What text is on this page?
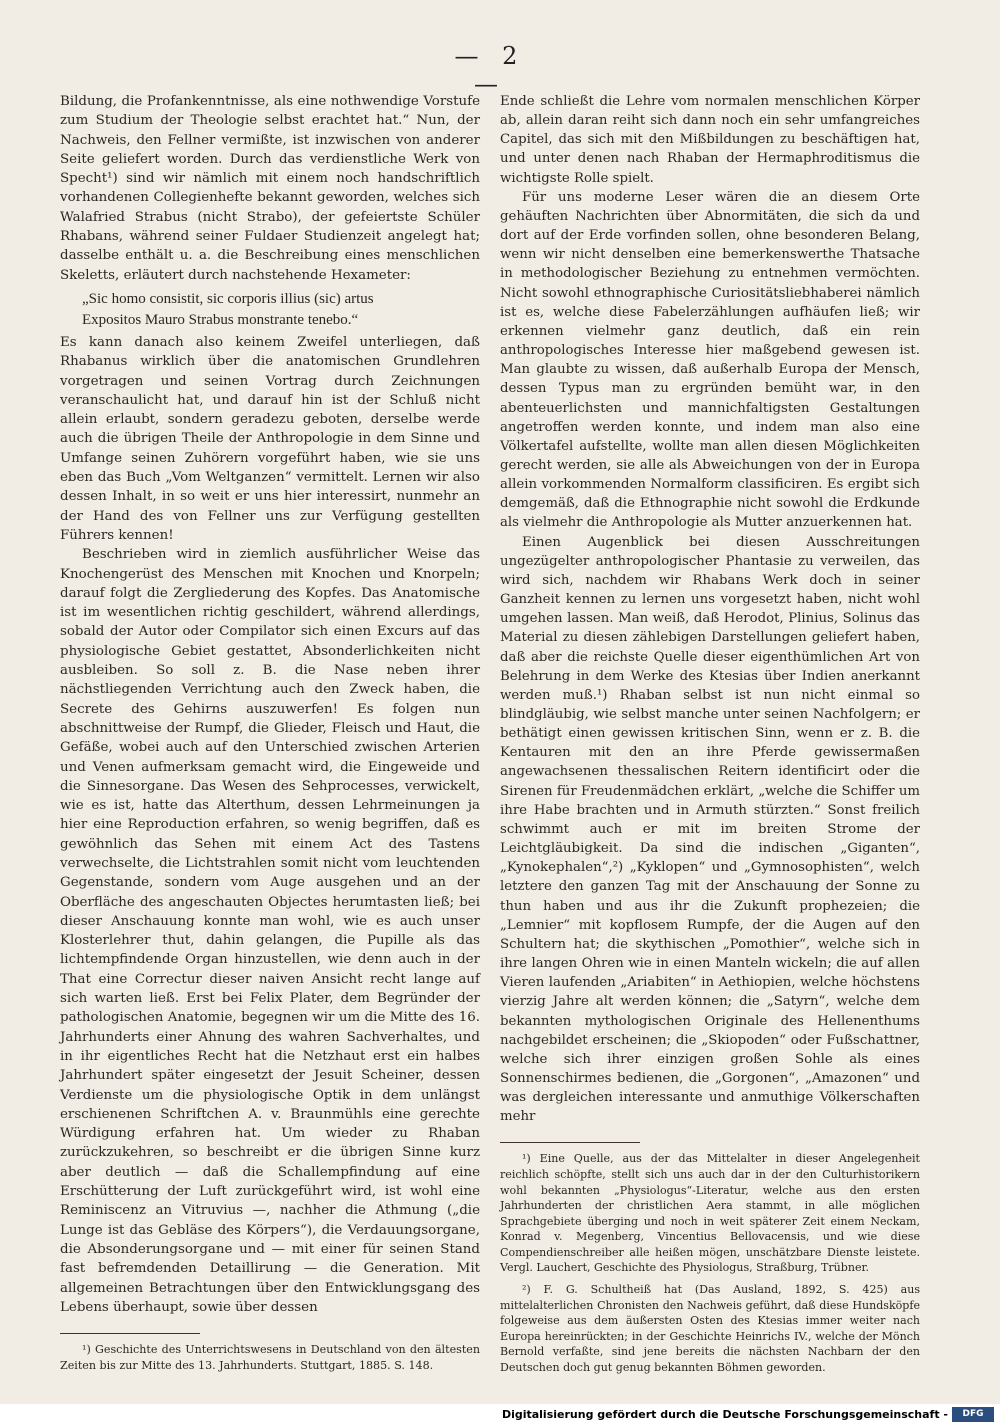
— 2 —

Bildung, die Profankenntnisse, als eine nothwendige Vorstufe zum Studium der Theologie selbst erachtet hat.“ Nun, der Nachweis, den Fellner vermißte, ist inzwischen von anderer Seite geliefert worden. Durch das verdienstliche Werk von Specht¹) sind wir nämlich mit einem noch handschriftlich vorhandenen Collegienhefte bekannt geworden, welches sich Walafried Strabus (nicht Strabo), der gefeiertste Schüler Rhabans, während seiner Fuldaer Studienzeit angelegt hat; dasselbe enthält u. a. die Beschreibung eines menschlichen Skeletts, erläutert durch nachstehende Hexameter:

„Sic homo consistit, sic corporis illius (sic) artus
Expositos Mauro Strabus monstrante tenebo.“

Es kann danach also keinem Zweifel unterliegen, daß Rhabanus wirklich über die anatomischen Grundlehren vorgetragen und seinen Vortrag durch Zeichnungen veranschaulicht hat, und darauf hin ist der Schluß nicht allein erlaubt, sondern geradezu geboten, derselbe werde auch die übrigen Theile der Anthropologie in dem Sinne und Umfange seinen Zuhörern vorgeführt haben, wie sie uns eben das Buch „Vom Weltganzen“ vermittelt. Lernen wir also dessen Inhalt, in so weit er uns hier interessirt, nunmehr an der Hand des von Fellner uns zur Verfügung gestellten Führers kennen!

Beschrieben wird in ziemlich ausführlicher Weise das Knochengerüst des Menschen mit Knochen und Knorpeln; darauf folgt die Zergliederung des Kopfes. Das Anatomische ist im wesentlichen richtig geschildert, während allerdings, sobald der Autor oder Compilator sich einen Excurs auf das physiologische Gebiet gestattet, Absonderlichkeiten nicht ausbleiben. So soll z. B. die Nase neben ihrer nächstliegenden Verrichtung auch den Zweck haben, die Secrete des Gehirns auszuwerfen! Es folgen nun abschnittweise der Rumpf, die Glieder, Fleisch und Haut, die Gefäße, wobei auch auf den Unterschied zwischen Arterien und Venen aufmerksam gemacht wird, die Eingeweide und die Sinnesorgane. Das Wesen des Sehprocesses, verwickelt, wie es ist, hatte das Alterthum, dessen Lehrmeinungen ja hier eine Reproduction erfahren, so wenig begriffen, daß es gewöhnlich das Sehen mit einem Act des Tastens verwechselte, die Lichtstrahlen somit nicht vom leuchtenden Gegenstande, sondern vom Auge ausgehen und an der Oberfläche des angeschauten Objectes herumtasten ließ; bei dieser Anschauung konnte man wohl, wie es auch unser Klosterlehrer thut, dahin gelangen, die Pupille als das lichtempfindende Organ hinzustellen, wie denn auch in der That eine Correctur dieser naiven Ansicht recht lange auf sich warten ließ. Erst bei Felix Plater, dem Begründer der pathologischen Anatomie, begegnen wir um die Mitte des 16. Jahrhunderts einer Ahnung des wahren Sachverhaltes, und in ihr eigentliches Recht hat die Netzhaut erst ein halbes Jahrhundert später eingesetzt der Jesuit Scheiner, dessen Verdienste um die physiologische Optik in dem unlängst erschienenen Schriftchen A. v. Braunmühls eine gerechte Würdigung erfahren hat. Um wieder zu Rhaban zurückzukehren, so beschreibt er die übrigen Sinne kurz aber deutlich — daß die Schallempfindung auf eine Erschütterung der Luft zurückgeführt wird, ist wohl eine Reminiscenz an Vitruvius —, nachher die Athmung („die Lunge ist das Gebläse des Körpers“), die Verdauungsorgane, die Absonderungsorgane und — mit einer für seinen Stand fast befremdenden Detaillirung — die Generation. Mit allgemeinen Betrachtungen über den Entwicklungsgang des Lebens überhaupt, sowie über dessen

¹) Geschichte des Unterrichtswesens in Deutschland von den ältesten Zeiten bis zur Mitte des 13. Jahrhunderts. Stuttgart, 1885. S. 148.

Ende schließt die Lehre vom normalen menschlichen Körper ab, allein daran reiht sich dann noch ein sehr umfangreiches Capitel, das sich mit den Mißbildungen zu beschäftigen hat, und unter denen nach Rhaban der Hermaphroditismus die wichtigste Rolle spielt.

Für uns moderne Leser wären die an diesem Orte gehäuften Nachrichten über Abnormitäten, die sich da und dort auf der Erde vorfinden sollen, ohne besonderen Belang, wenn wir nicht denselben eine bemerkenswerthe Thatsache in methodologischer Beziehung zu entnehmen vermöchten. Nicht sowohl ethnographische Curiositätsliebhaberei nämlich ist es, welche diese Fabelerzählungen aufhäufen ließ; wir erkennen vielmehr ganz deutlich, daß ein rein anthropologisches Interesse hier maßgebend gewesen ist. Man glaubte zu wissen, daß außerhalb Europa der Mensch, dessen Typus man zu ergründen bemüht war, in den abenteuerlichsten und mannichfaltigsten Gestaltungen angetroffen werden konnte, und indem man also eine Völkertafel aufstellte, wollte man allen diesen Möglichkeiten gerecht werden, sie alle als Abweichungen von der in Europa allein vorkommenden Normalform classificiren. Es ergibt sich demgemäß, daß die Ethnographie nicht sowohl die Erdkunde als vielmehr die Anthropologie als Mutter anzuerkennen hat.

Einen Augenblick bei diesen Ausschreitungen ungezügelter anthropologischer Phantasie zu verweilen, das wird sich, nachdem wir Rhabans Werk doch in seiner Ganzheit kennen zu lernen uns vorgesetzt haben, nicht wohl umgehen lassen. Man weiß, daß Herodot, Plinius, Solinus das Material zu diesen zählebigen Darstellungen geliefert haben, daß aber die reichste Quelle dieser eigenthümlichen Art von Belehrung in dem Werke des Ktesias über Indien anerkannt werden muß.¹) Rhaban selbst ist nun nicht einmal so blindgläubig, wie selbst manche unter seinen Nachfolgern; er bethätigt einen gewissen kritischen Sinn, wenn er z. B. die Kentauren mit den an ihre Pferde gewissermaßen angewachsenen thessalischen Reitern identificirt oder die Sirenen für Freudenmädchen erklärt, „welche die Schiffer um ihre Habe brachten und in Armuth stürzten.“ Sonst freilich schwimmt auch er mit im breiten Strome der Leichtgläubigkeit. Da sind die indischen „Giganten“, „Kynokephalen“,²) „Kyklopen“ und „Gymnosophisten“, welch letztere den ganzen Tag mit der Anschauung der Sonne zu thun haben und aus ihr die Zukunft prophezeien; die „Lemnier“ mit kopflosem Rumpfe, der die Augen auf den Schultern hat; die skythischen „Pomothier“, welche sich in ihre langen Ohren wie in einen Manteln wickeln; die auf allen Vieren laufenden „Ariabiten“ in Aethiopien, welche höchstens vierzig Jahre alt werden können; die „Satyrn“, welche dem bekannten mythologischen Originale des Hellenenthums nachgebildet erscheinen; die „Skiopoden“ oder Fußschattner, welche sich ihrer einzigen großen Sohle als eines Sonnenschirmes bedienen, die „Gorgonen“, „Amazonen“ und was dergleichen interessante und anmuthige Völkerschaften mehr

¹) Eine Quelle, aus der das Mittelalter in dieser Angelegenheit reichlich schöpfte, stellt sich uns auch dar in der den Culturhistorikern wohl bekannten „Physiologus“-Literatur, welche aus den ersten Jahrhunderten der christlichen Aera stammt, in alle möglichen Sprachgebiete überging und noch in weit späterer Zeit einem Neckam, Konrad v. Megenberg, Vincentius Bellovacensis, und wie diese Compendienschreiber alle heißen mögen, unschätzbare Dienste leistete. Vergl. Lauchert, Geschichte des Physiologus, Straßburg, Trübner.

²) F. G. Schultheiß hat (Das Ausland, 1892, S. 425) aus mittelalterlichen Chronisten den Nachweis geführt, daß diese Hundsköpfe folgeweise aus dem äußersten Osten des Ktesias immer weiter nach Europa hereinrückten; in der Geschichte Heinrichs IV., welche der Mönch Bernold verfaßte, sind jene bereits die nächsten Nachbarn der den Deutschen doch gut genug bekannten Böhmen geworden.

Digitalisierung gefördert durch die Deutsche Forschungsgemeinschaft -	DFG
